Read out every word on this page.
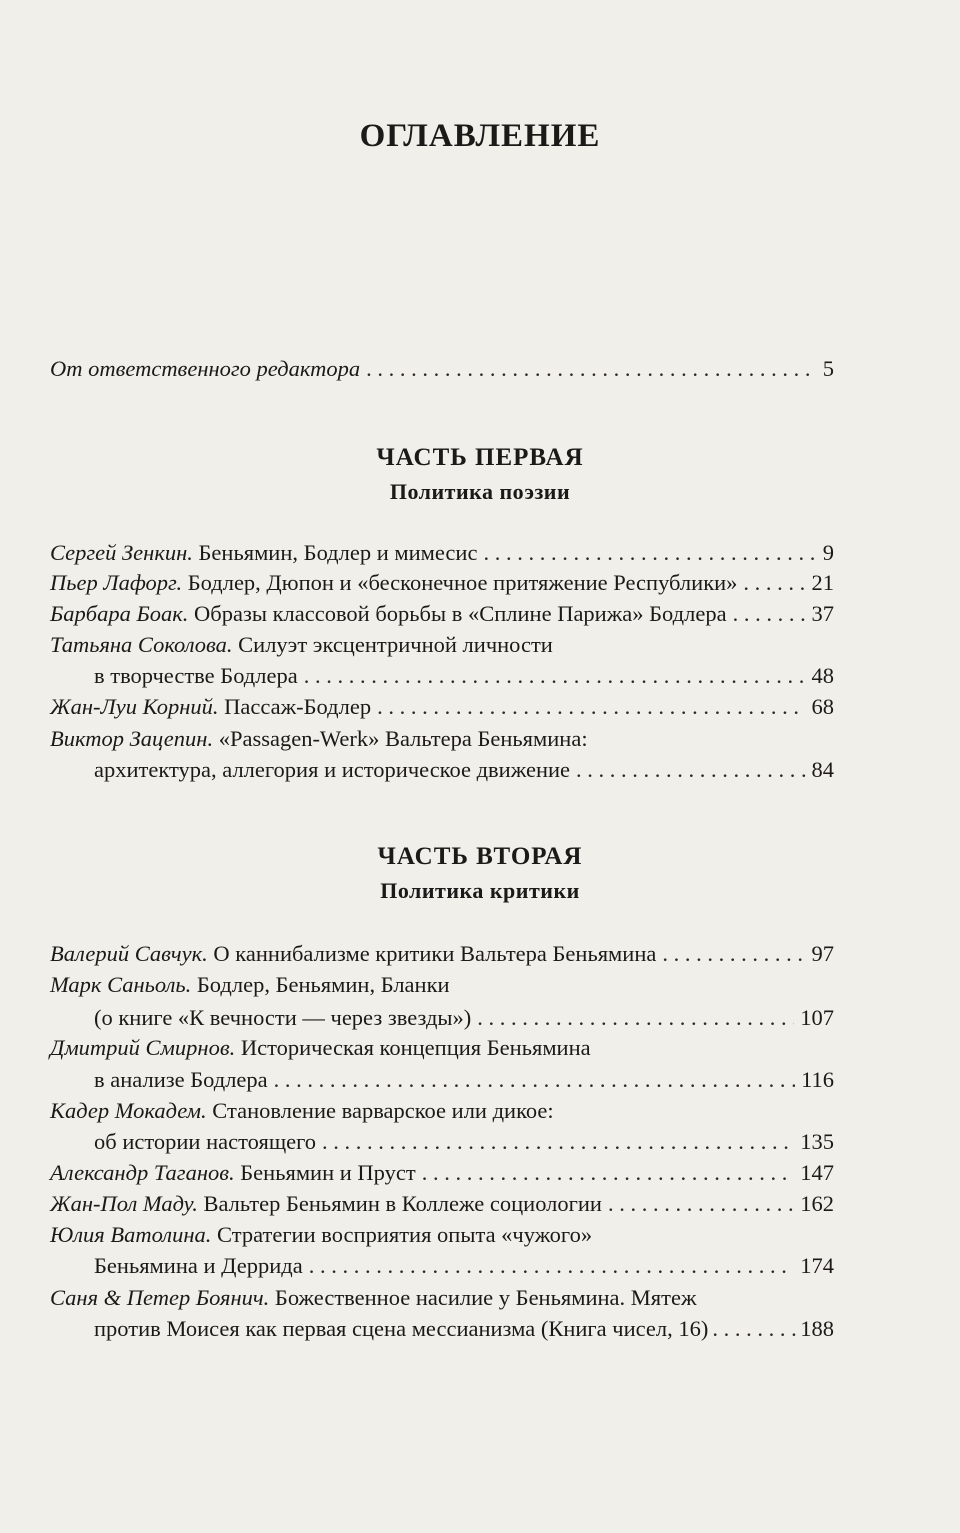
ОГЛАВЛЕНИЕ
От ответственного редактора . . .	5
ЧАСТЬ ПЕРВАЯ
Политика поэзии
Сергей Зенкин. Беньямин, Бодлер и мимесис . . .	9
Пьер Лафорг. Бодлер, Дюпон и «бесконечное притяжение Республики» . . .	21
Барбара Боак. Образы классовой борьбы в «Сплине Парижа» Бодлера . . .	37
Татьяна Соколова. Силуэт эксцентричной личности
в творчестве Бодлера . . .	48
Жан-Луи Корний. Пассаж-Бодлер . . .	68
Виктор Зацепин. «Passagen-Werk» Вальтера Беньямина:
архитектура, аллегория и историческое движение . . .	84
ЧАСТЬ ВТОРАЯ
Политика критики
Валерий Савчук. О каннибализме критики Вальтера Беньямина . . .	97
Марк Саньоль. Бодлер, Беньямин, Бланки
(о книге «К вечности — через звезды») . . .	107
Дмитрий Смирнов. Историческая концепция Беньямина
в анализе Бодлера . . .	116
Кадер Мокадем. Становление варварское или дикое:
об истории настоящего . . .	135
Александр Таганов. Беньямин и Пруст . . .	147
Жан-Пол Маду. Вальтер Беньямин в Коллеже социологии . . .	162
Юлия Ватолина. Стратегии восприятия опыта «чужого»
Беньямина и Деррида . . .	174
Саня & Петер Боянич. Божественное насилие у Беньямина. Мятеж
против Моисея как первая сцена мессианизма (Книга чисел, 16) . . .	188
